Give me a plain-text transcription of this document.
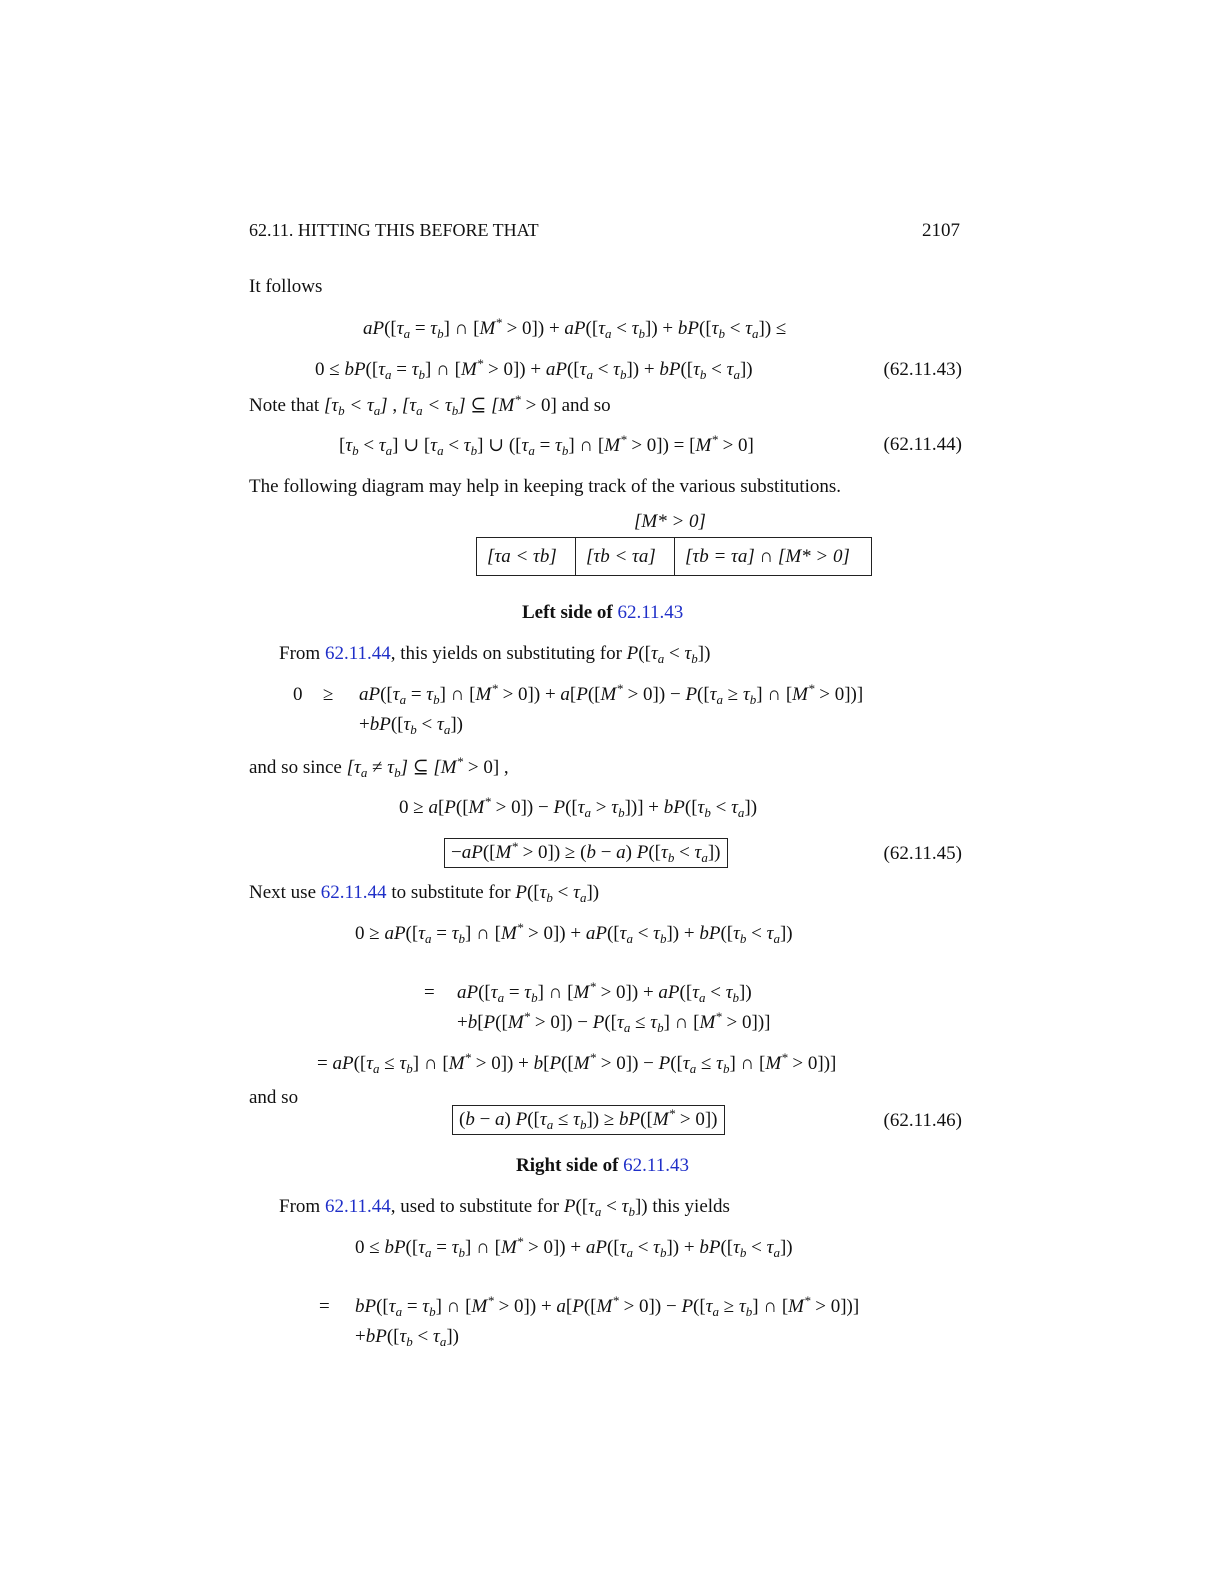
62.11. HITTING THIS BEFORE THAT	2107
It follows
$aP([\tau_a = \tau_b]$ ∩ $[M^* > 0]) + aP([\tau_a < \tau_b]) + bP([\tau_b < \tau_a])$ ≤
$0 \le bP([\tau_a = \tau_b]$ ∩ $[M^* > 0]) + aP([\tau_a < \tau_b]) + bP([\tau_b < \tau_a])$	(62.11.43)
Note that $[\tau_b < \tau_a]$ , $[\tau_a < \tau_b]$ ⊆ [M* > 0] and so
$[\tau_b < \tau_a]$ ∪ $[\tau_a < \tau_b]$ ∪ ($[\tau_a = \tau_b]$ ∩ [M* > 0]) = [M* > 0]	(62.11.44)
The following diagram may help in keeping track of the various substitutions.
[M* > 0]
[τa < τb]	[τb < τa]	[τb = τa] ∩ [M* > 0]
Left side of 62.11.43
From 62.11.44, this yields on substituting for $P([\tau_a < \tau_b])$
$0 \ge aP([\tau_a = \tau_b]$ ∩ $[M^* > 0]) + a[P([M^* > 0]) - P([\tau_a \ge \tau_b]$ ∩ [M* > 0])]
$+bP([\tau_b < \tau_a])$
and so since $[\tau_a \ne \tau_b]$ ⊆ [M* > 0] ,
$0 \ge a[P([M^* > 0]) - P([\tau_a > \tau_b])] + bP([\tau_b < \tau_a])$
−aP([M* > 0]) ≥ (b − a) $P([\tau_b < \tau_a])$	(62.11.45)
Next use 62.11.44 to substitute for $P([\tau_b < \tau_a])$
$0 \ge aP([\tau_a = \tau_b]$ ∩ $[M^* > 0]) + aP([\tau_a < \tau_b]) + bP([\tau_b < \tau_a])$
= $aP([\tau_a = \tau_b]$ ∩ $[M^* > 0]) + aP([\tau_a < \tau_b])$
$+b[P([M^* > 0]) - P([\tau_a \le \tau_b]$ ∩ [M* > 0])]
= $aP([\tau_a \le \tau_b]$ ∩ $[M^* > 0]) + b[P([M^* > 0]) - P([\tau_a \le \tau_b]$ ∩ [M* > 0])]
and so
(b − a) $P([\tau_a \le \tau_b]) \ge bP([M^* > 0])$	(62.11.46)
Right side of 62.11.43
From 62.11.44, used to substitute for $P([\tau_a < \tau_b])$ this yields
$0 \le bP([\tau_a = \tau_b]$ ∩ $[M^* > 0]) + aP([\tau_a < \tau_b]) + bP([\tau_b < \tau_a])$
= $bP([\tau_a = \tau_b]$ ∩ $[M^* > 0]) + a[P([M^* > 0]) - P([\tau_a \ge \tau_b]$ ∩ [M* > 0])]
$+bP([\tau_b < \tau_a])$
